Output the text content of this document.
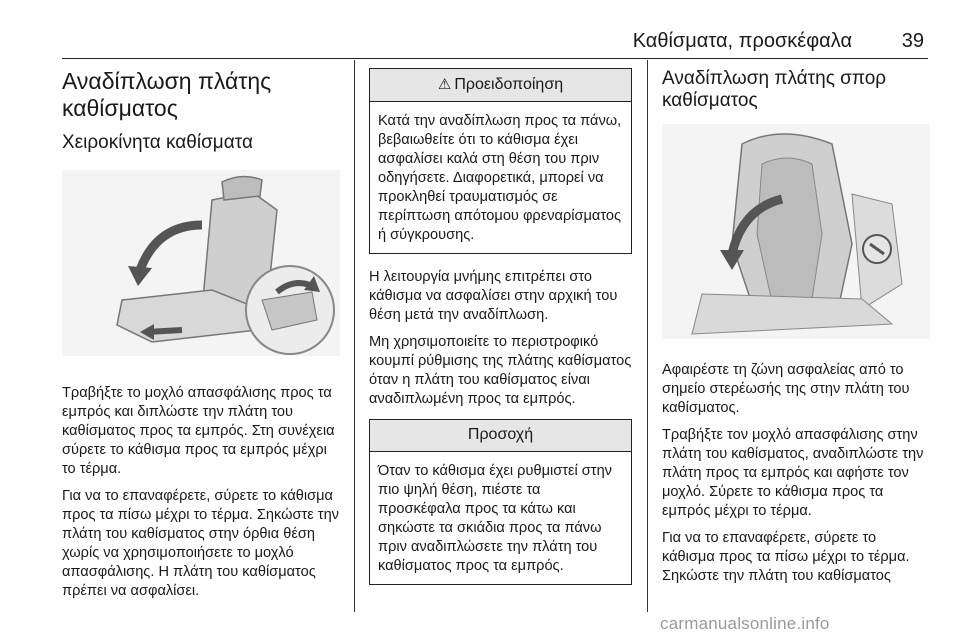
Καθίσματα, προσκέφαλα 39
Αναδίπλωση πλάτης καθίσματος
Χειροκίνητα καθίσματα

Τραβήξτε το μοχλό απασφάλισης προς τα εμπρός και διπλώστε την πλάτη του καθίσματος προς τα εμπρός. Στη συνέχεια σύρετε το κάθισμα προς τα εμπρός μέχρι το τέρμα.

Για να το επαναφέρετε, σύρετε το κάθισμα προς τα πίσω μέχρι το τέρμα. Σηκώστε την πλάτη του καθίσματος στην όρθια θέση χωρίς να χρησιμοποιήσετε το μοχλό απασφάλισης. Η πλάτη του καθίσματος πρέπει να ασφαλίσει.

⚠ Προειδοποίηση

Κατά την αναδίπλωση προς τα πάνω, βεβαιωθείτε ότι το κάθισμα έχει ασφαλίσει καλά στη θέση του πριν οδηγήσετε. Διαφορετικά, μπορεί να προκληθεί τραυματισμός σε περίπτωση απότομου φρεναρίσματος ή σύγκρουσης.

Η λειτουργία μνήμης επιτρέπει στο κάθισμα να ασφαλίσει στην αρχική του θέση μετά την αναδίπλωση.

Μη χρησιμοποιείτε το περιστροφικό κουμπί ρύθμισης της πλάτης καθίσματος όταν η πλάτη του καθίσματος είναι αναδιπλωμένη προς τα εμπρός.

Προσοχή

Όταν το κάθισμα έχει ρυθμιστεί στην πιο ψηλή θέση, πιέστε τα προσκέφαλα προς τα κάτω και σηκώστε τα σκιάδια προς τα πάνω πριν αναδιπλώσετε την πλάτη του καθίσματος προς τα εμπρός.

Αναδίπλωση πλάτης σπορ καθίσματος

Αφαιρέστε τη ζώνη ασφαλείας από το σημείο στερέωσής της στην πλάτη του καθίσματος.

Τραβήξτε τον μοχλό απασφάλισης στην πλάτη του καθίσματος, αναδιπλώστε την πλάτη προς τα εμπρός και αφήστε τον μοχλό. Σύρετε το κάθισμα προς τα εμπρός μέχρι το τέρμα.

Για να το επαναφέρετε, σύρετε το κάθισμα προς τα πίσω μέχρι το τέρμα. Σηκώστε την πλάτη του καθίσματος

carmanualsonline.info
